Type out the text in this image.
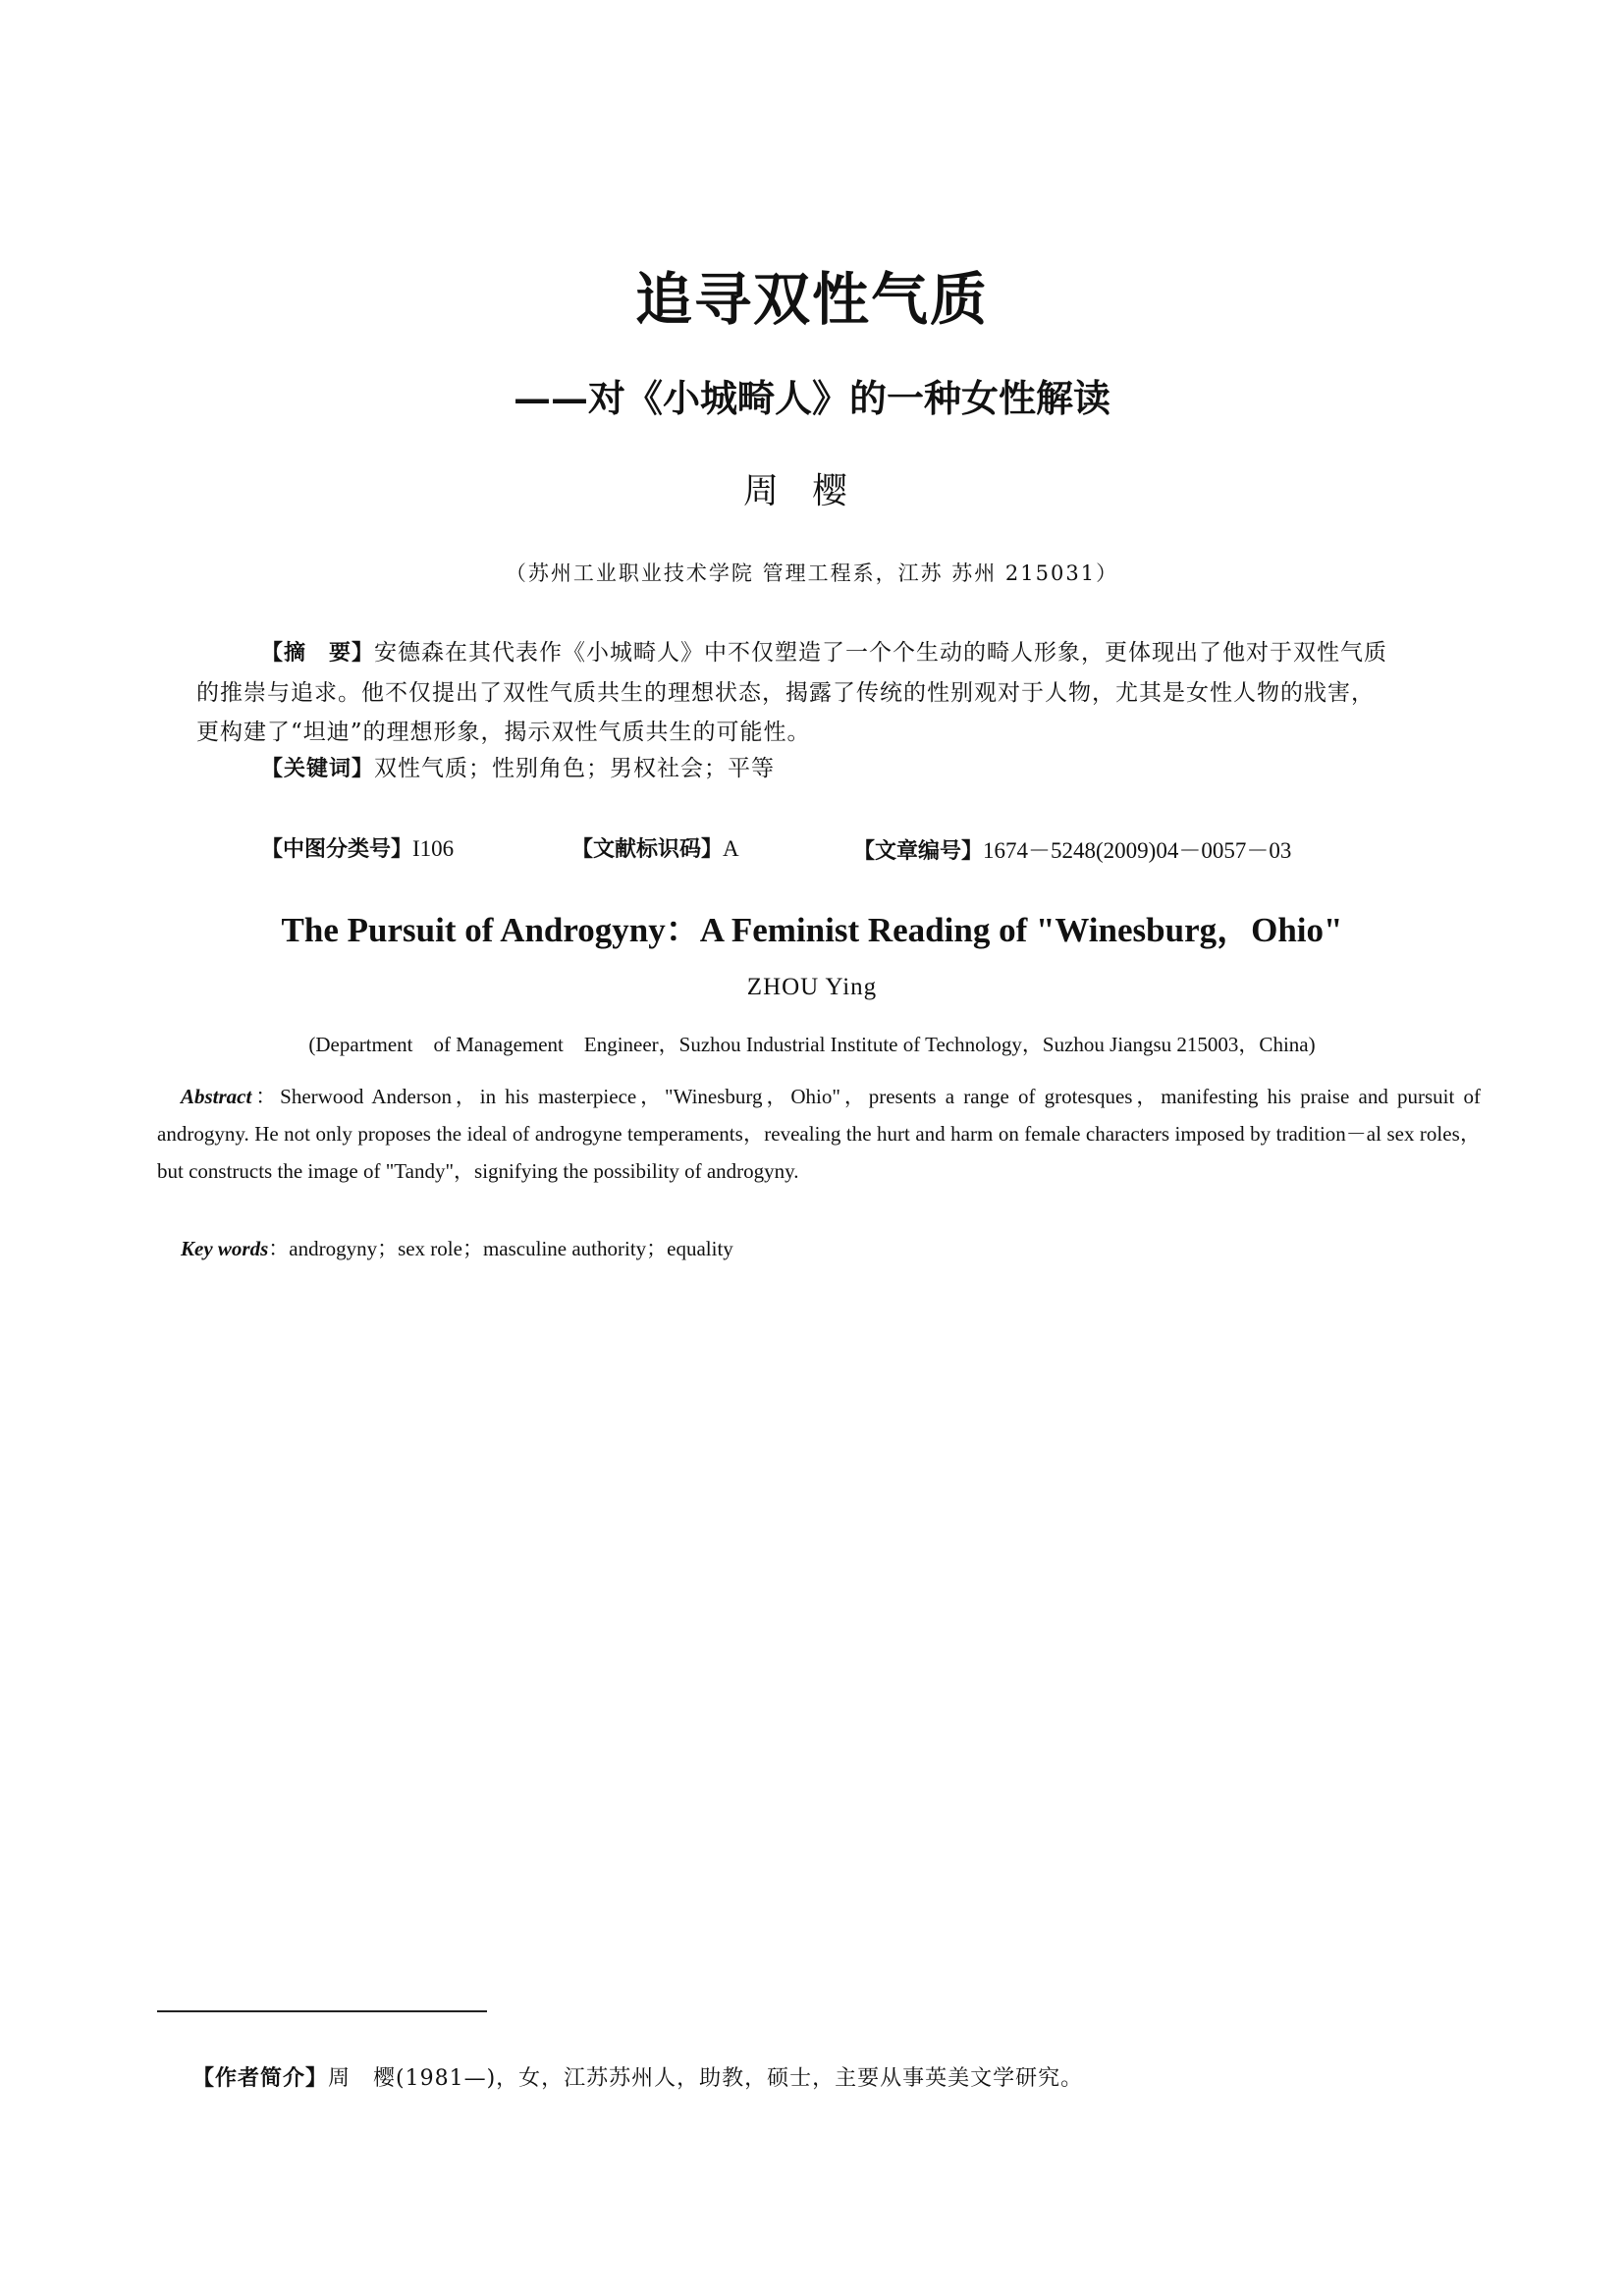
追寻双性气质
——对《小城畸人》的一种女性解读
周樱
（苏州工业职业技术学院 管理工程系，江苏 苏州 215031）
【摘　要】安德森在其代表作《小城畸人》中不仅塑造了一个个生动的畸人形象，更体现出了他对于双性气质的推崇与追求。他不仅提出了双性气质共生的理想状态，揭露了传统的性别观对于人物，尤其是女性人物的戕害，更构建了“坦迪”的理想形象，揭示双性气质共生的可能性。
【关键词】双性气质；性别角色；男权社会；平等
【中图分类号】I106	【文献标识码】A	【文章编号】1674－5248(2009)04－0057－03
The Pursuit of Androgyny：A Feminist Reading of "Winesburg，Ohio"
ZHOU Ying
(Department　of Management　Engineer，Suzhou Industrial Institute of Technology，Suzhou Jiangsu 215003，China)
Abstract：Sherwood Anderson，in his masterpiece，"Winesburg，Ohio"，presents a range of grotesques，manifesting his praise and pursuit of androgyny. He not only proposes the ideal of androgyne temperaments，revealing the hurt and harm on female characters imposed by tradition－al sex roles，but constructs the image of "Tandy"，signifying the possibility of androgyny.
Key words：androgyny；sex role；masculine authority；equality
【作者简介】周　樱(1981—)，女，江苏苏州人，助教，硕士，主要从事英美文学研究。
